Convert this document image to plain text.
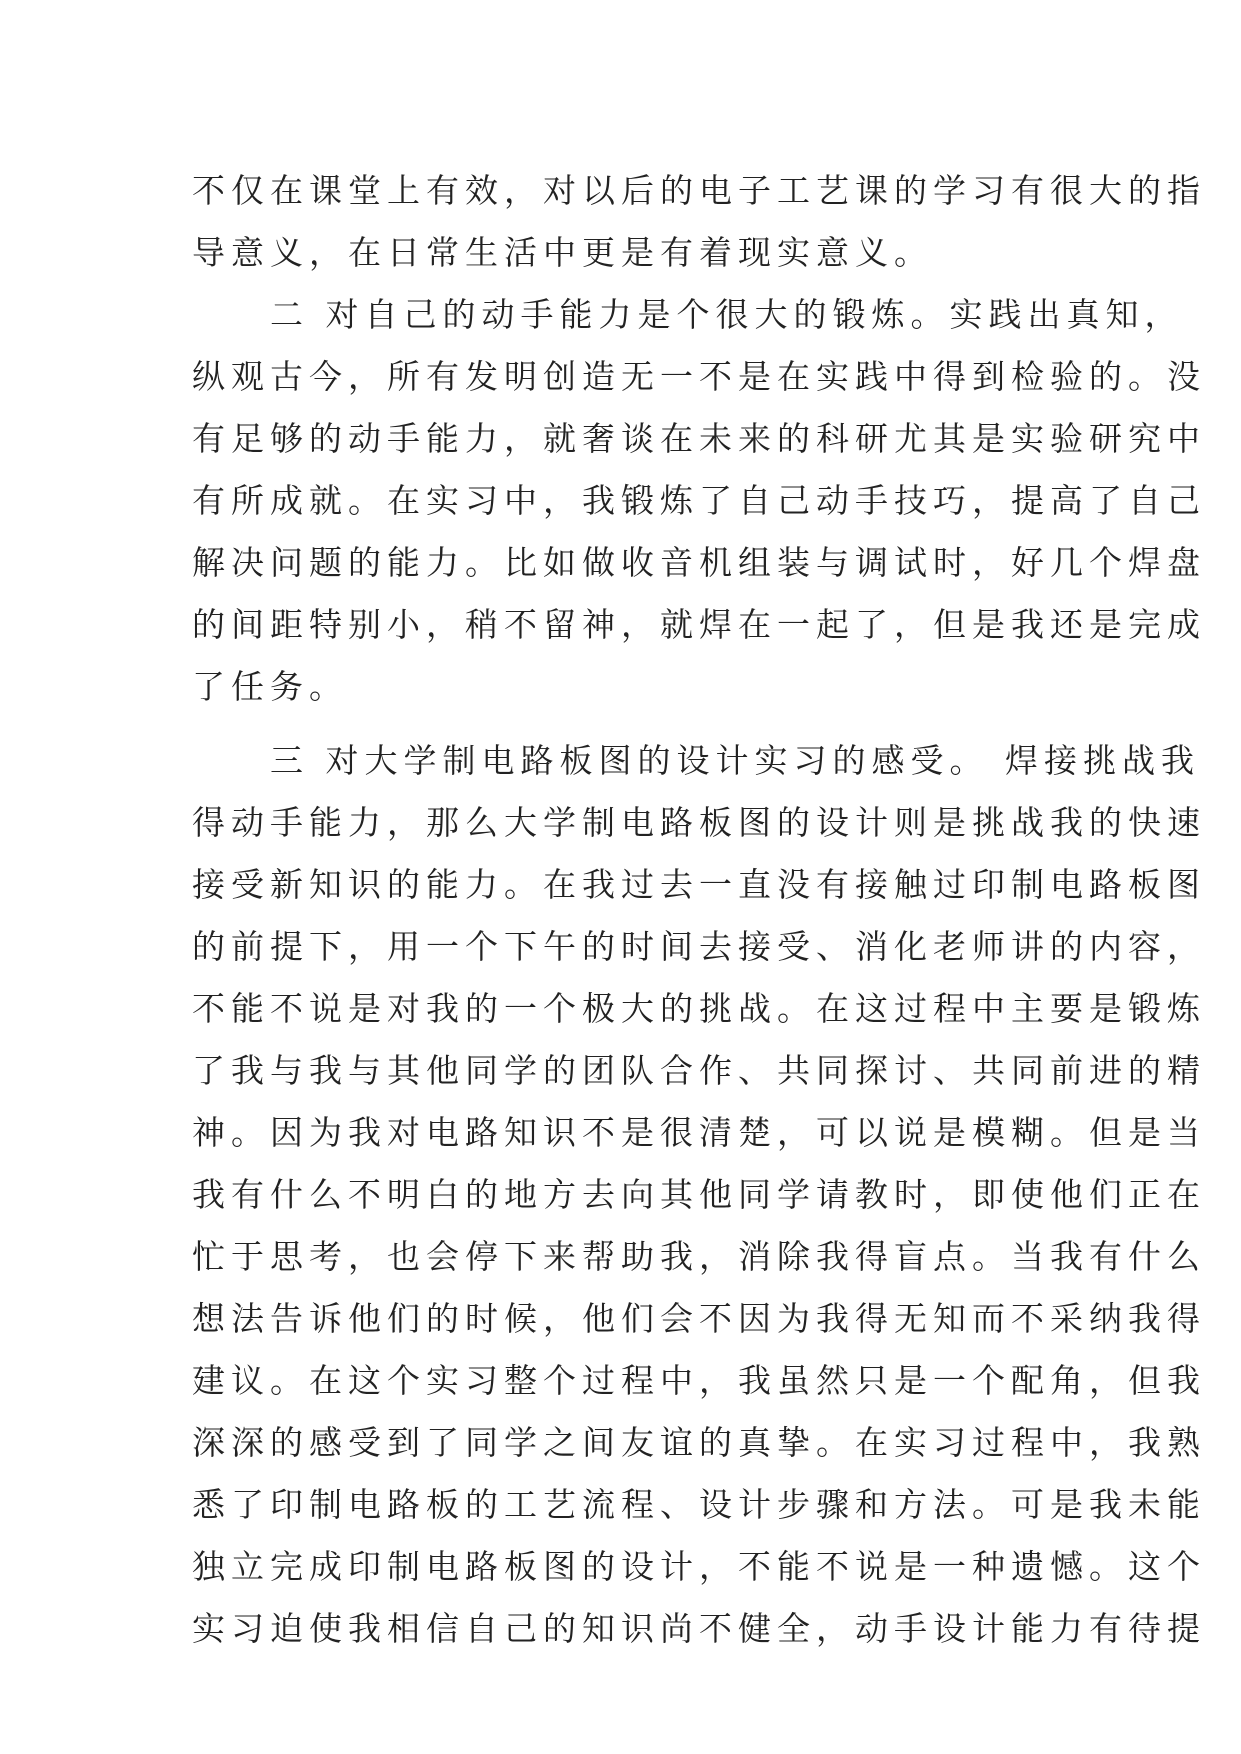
不仅在课堂上有效，对以后的电子工艺课的学习有很大的指
导意义，在日常生活中更是有着现实意义。
　　二 对自己的动手能力是个很大的锻炼。实践出真知，
纵观古今，所有发明创造无一不是在实践中得到检验的。没
有足够的动手能力，就奢谈在未来的科研尤其是实验研究中
有所成就。在实习中，我锻炼了自己动手技巧，提高了自己
解决问题的能力。比如做收音机组装与调试时，好几个焊盘
的间距特别小，稍不留神，就焊在一起了，但是我还是完成
了任务。
　　三 对大学制电路板图的设计实习的感受。 焊接挑战我
得动手能力，那么大学制电路板图的设计则是挑战我的快速
接受新知识的能力。在我过去一直没有接触过印制电路板图
的前提下，用一个下午的时间去接受、消化老师讲的内容，
不能不说是对我的一个极大的挑战。在这过程中主要是锻炼
了我与我与其他同学的团队合作、共同探讨、共同前进的精
神。因为我对电路知识不是很清楚，可以说是模糊。但是当
我有什么不明白的地方去向其他同学请教时，即使他们正在
忙于思考，也会停下来帮助我，消除我得盲点。当我有什么
想法告诉他们的时候，他们会不因为我得无知而不采纳我得
建议。在这个实习整个过程中，我虽然只是一个配角，但我
深深的感受到了同学之间友谊的真挚。在实习过程中，我熟
悉了印制电路板的工艺流程、设计步骤和方法。可是我未能
独立完成印制电路板图的设计，不能不说是一种遗憾。这个
实习迫使我相信自己的知识尚不健全，动手设计能力有待提
